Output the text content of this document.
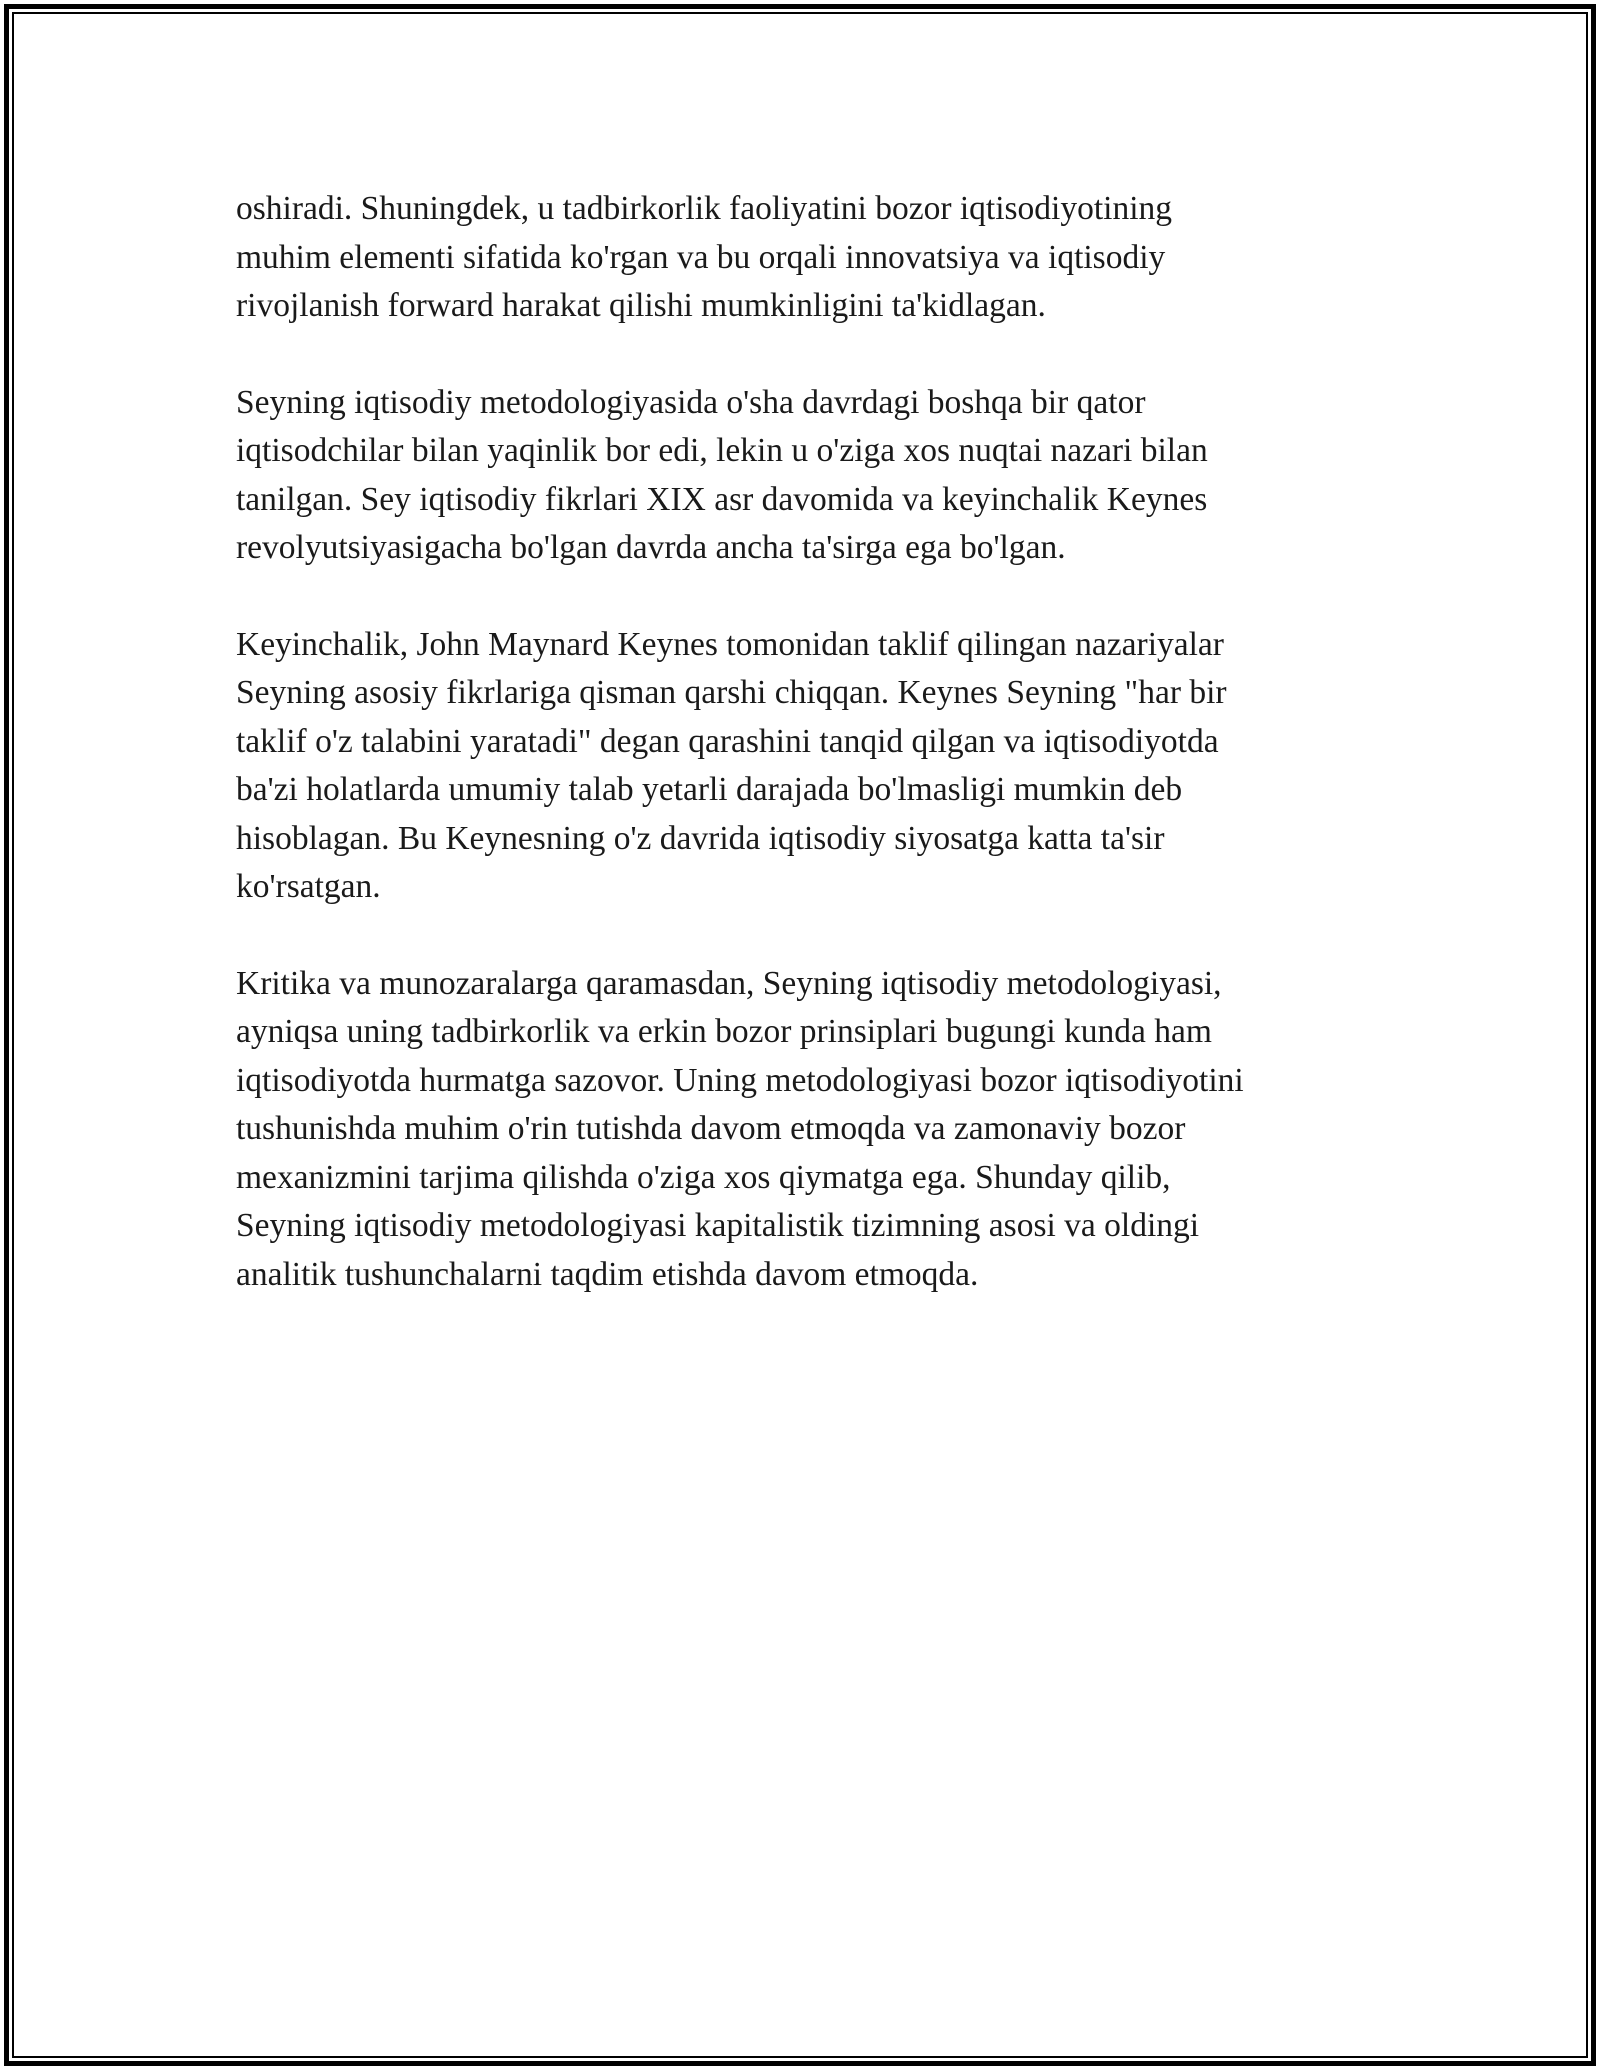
oshiradi. Shuningdek, u tadbirkorlik faoliyatini bozor iqtisodiyotining
muhim elementi sifatida ko'rgan va bu orqali innovatsiya va iqtisodiy
rivojlanish forward harakat qilishi mumkinligini ta'kidlagan.

Seyning iqtisodiy metodologiyasida o'sha davrdagi boshqa bir qator
iqtisodchilar bilan yaqinlik bor edi, lekin u o'ziga xos nuqtai nazari bilan
tanilgan. Sey iqtisodiy fikrlari XIX asr davomida va keyinchalik Keynes
revolyutsiyasigacha bo'lgan davrda ancha ta'sirga ega bo'lgan.

Keyinchalik, John Maynard Keynes tomonidan taklif qilingan nazariyalar
Seyning asosiy fikrlariga qisman qarshi chiqqan. Keynes Seyning "har bir
taklif o'z talabini yaratadi" degan qarashini tanqid qilgan va iqtisodiyotda
ba'zi holatlarda umumiy talab yetarli darajada bo'lmasligi mumkin deb
hisoblagan. Bu Keynesning o'z davrida iqtisodiy siyosatga katta ta'sir
ko'rsatgan.

Kritika va munozaralarga qaramasdan, Seyning iqtisodiy metodologiyasi,
ayniqsa uning tadbirkorlik va erkin bozor prinsiplari bugungi kunda ham
iqtisodiyotda hurmatga sazovor. Uning metodologiyasi bozor iqtisodiyotini
tushunishda muhim o'rin tutishda davom etmoqda va zamonaviy bozor
mexanizmini tarjima qilishda o'ziga xos qiymatga ega. Shunday qilib,
Seyning iqtisodiy metodologiyasi kapitalistik tizimning asosi va oldingi
analitik tushunchalarni taqdim etishda davom etmoqda.
